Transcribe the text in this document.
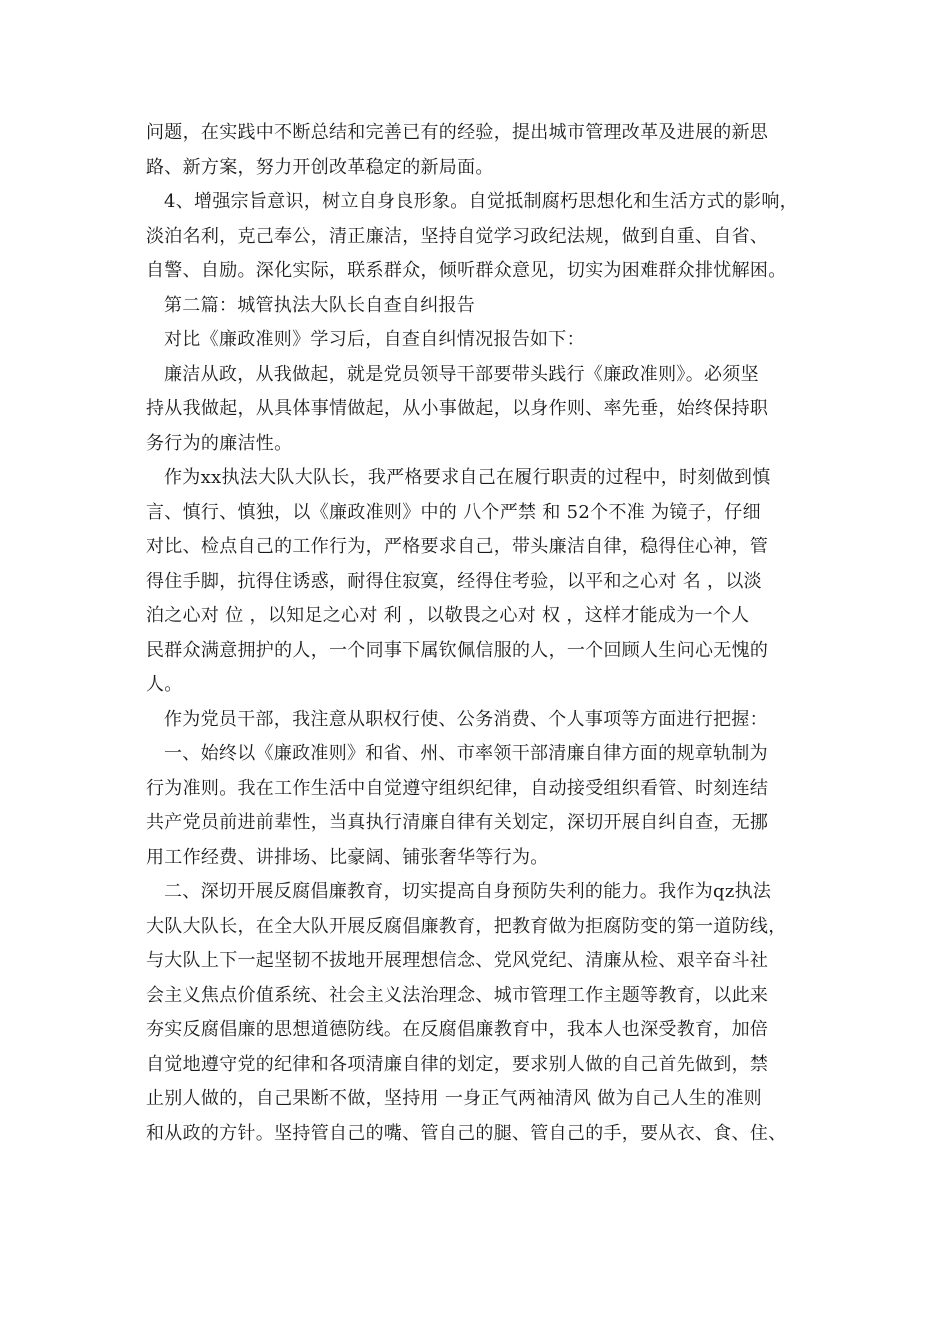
问题，在实践中不断总结和完善已有的经验，提出城市管理改革及进展的新思
路、新方案，努力开创改革稳定的新局面。
4、增强宗旨意识，树立自身良形象。自觉抵制腐朽思想化和生活方式的影响，
淡泊名利，克己奉公，清正廉洁，坚持自觉学习政纪法规，做到自重、自省、
自警、自励。深化实际，联系群众，倾听群众意见，切实为困难群众排忧解困。
第二篇：城管执法大队长自查自纠报告
对比《廉政准则》学习后，自查自纠情况报告如下：
廉洁从政，从我做起，就是党员领导干部要带头践行《廉政准则》。必须坚
持从我做起，从具体事情做起，从小事做起，以身作则、率先垂，始终保持职
务行为的廉洁性。
作为xx执法大队大队长，我严格要求自己在履行职责的过程中，时刻做到慎
言、慎行、慎独，以《廉政准则》中的 八个严禁 和 52个不准 为镜子，仔细
对比、检点自己的工作行为，严格要求自己，带头廉洁自律，稳得住心神，管
得住手脚，抗得住诱惑，耐得住寂寞，经得住考验，以平和之心对 名 ，以淡
泊之心对 位 ，以知足之心对 利 ，以敬畏之心对 权 ，这样才能成为一个人
民群众满意拥护的人，一个同事下属钦佩信服的人，一个回顾人生问心无愧的
人。
作为党员干部，我注意从职权行使、公务消费、个人事项等方面进行把握：
一、始终以《廉政准则》和省、州、市率领干部清廉自律方面的规章轨制为
行为准则。我在工作生活中自觉遵守组织纪律，自动接受组织看管、时刻连结
共产党员前进前辈性，当真执行清廉自律有关划定，深切开展自纠自查，无挪
用工作经费、讲排场、比豪阔、铺张奢华等行为。
二、深切开展反腐倡廉教育，切实提高自身预防失利的能力。我作为qz执法
大队大队长，在全大队开展反腐倡廉教育，把教育做为拒腐防变的第一道防线，
与大队上下一起坚韧不拔地开展理想信念、党风党纪、清廉从检、艰辛奋斗社
会主义焦点价值系统、社会主义法治理念、城市管理工作主题等教育，以此来
夯实反腐倡廉的思想道德防线。在反腐倡廉教育中，我本人也深受教育，加倍
自觉地遵守党的纪律和各项清廉自律的划定，要求别人做的自己首先做到，禁
止别人做的，自己果断不做，坚持用 一身正气两袖清风 做为自己人生的准则
和从政的方针。坚持管自己的嘴、管自己的腿、管自己的手，要从衣、食、住、
